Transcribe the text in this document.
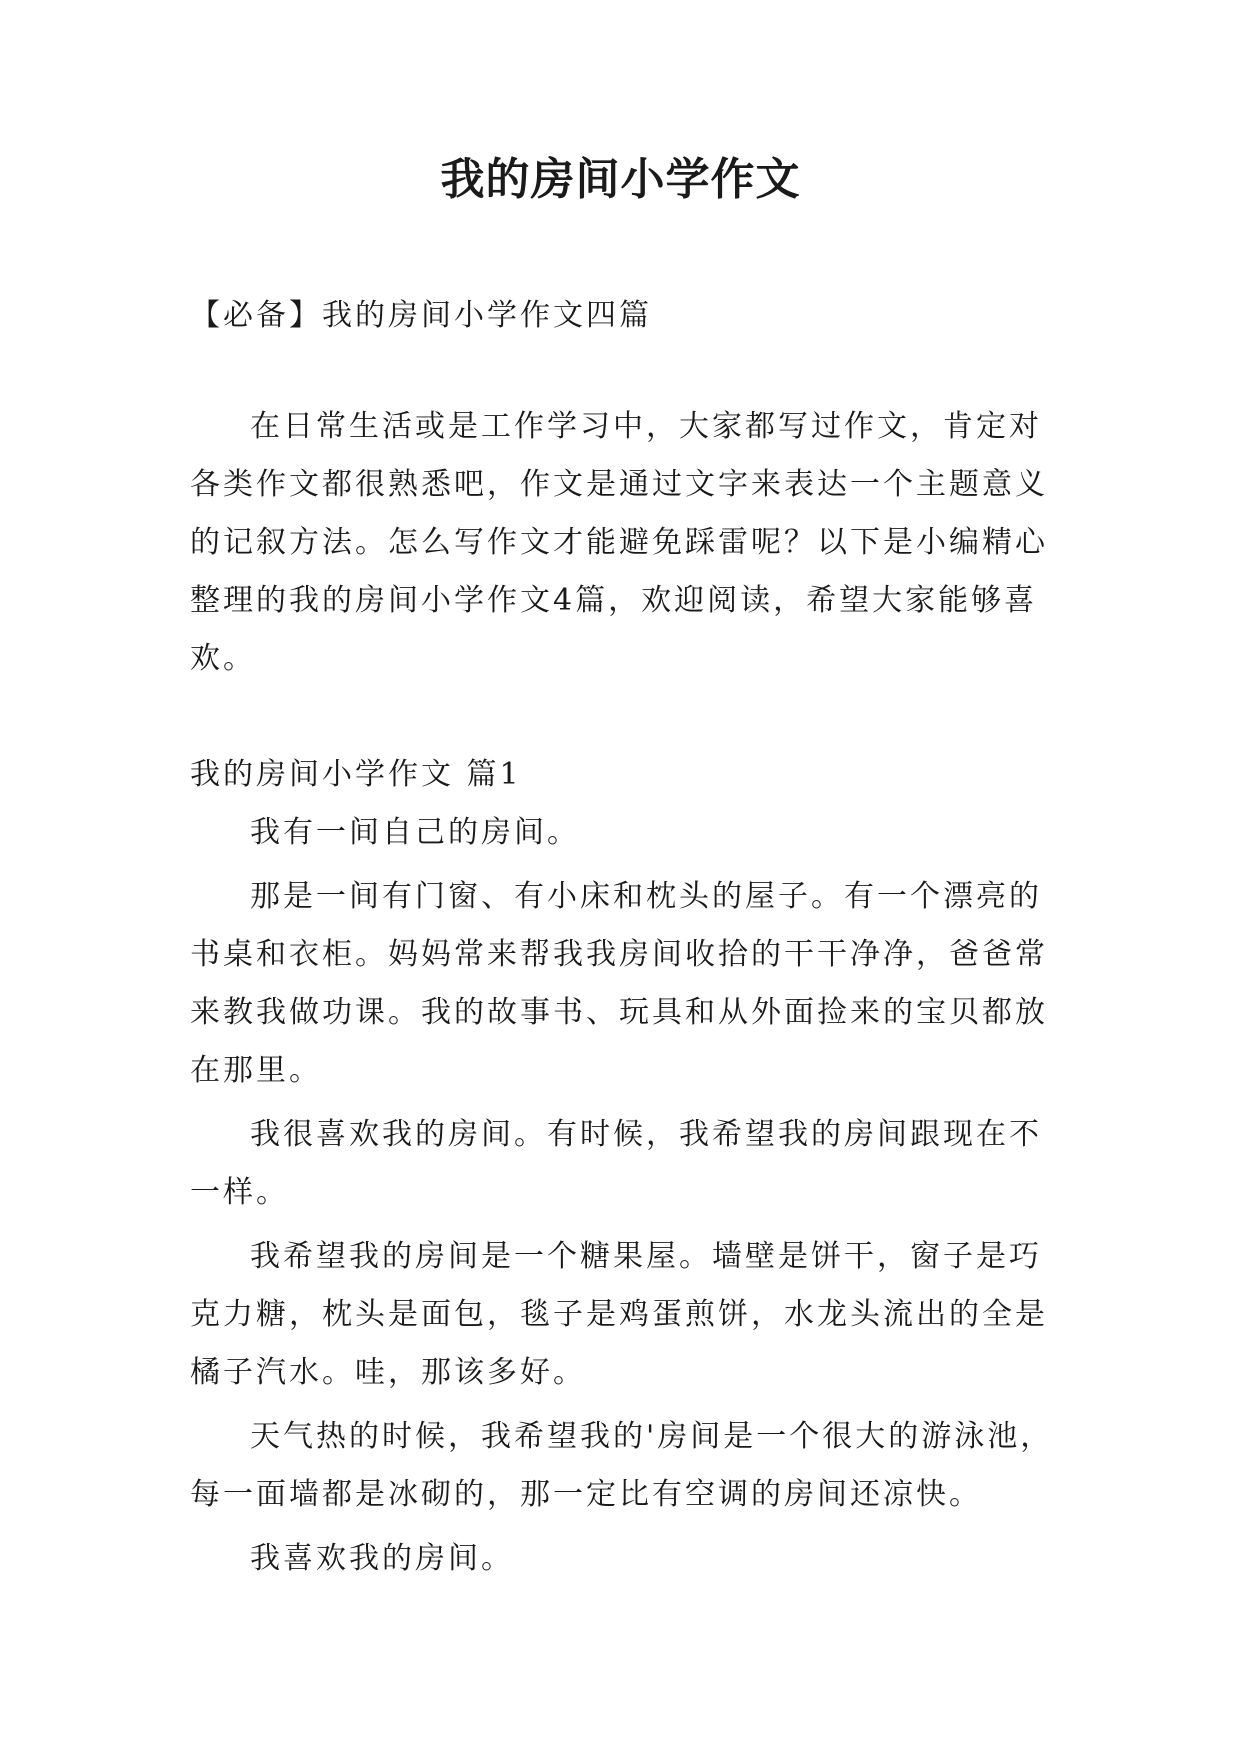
我的房间小学作文

【必备】我的房间小学作文四篇

在日常生活或是工作学习中，大家都写过作文，肯定对各类作文都很熟悉吧，作文是通过文字来表达一个主题意义的记叙方法。怎么写作文才能避免踩雷呢？以下是小编精心整理的我的房间小学作文4篇，欢迎阅读，希望大家能够喜欢。

我的房间小学作文 篇1

我有一间自己的房间。

那是一间有门窗、有小床和枕头的屋子。有一个漂亮的书桌和衣柜。妈妈常来帮我我房间收拾的干干净净，爸爸常来教我做功课。我的故事书、玩具和从外面捡来的宝贝都放在那里。

我很喜欢我的房间。有时候，我希望我的房间跟现在不一样。

我希望我的房间是一个糖果屋。墙壁是饼干，窗子是巧克力糖，枕头是面包，毯子是鸡蛋煎饼，水龙头流出的全是橘子汽水。哇，那该多好。

天气热的时候，我希望我的'房间是一个很大的游泳池，每一面墙都是冰砌的，那一定比有空调的房间还凉快。

我喜欢我的房间。
